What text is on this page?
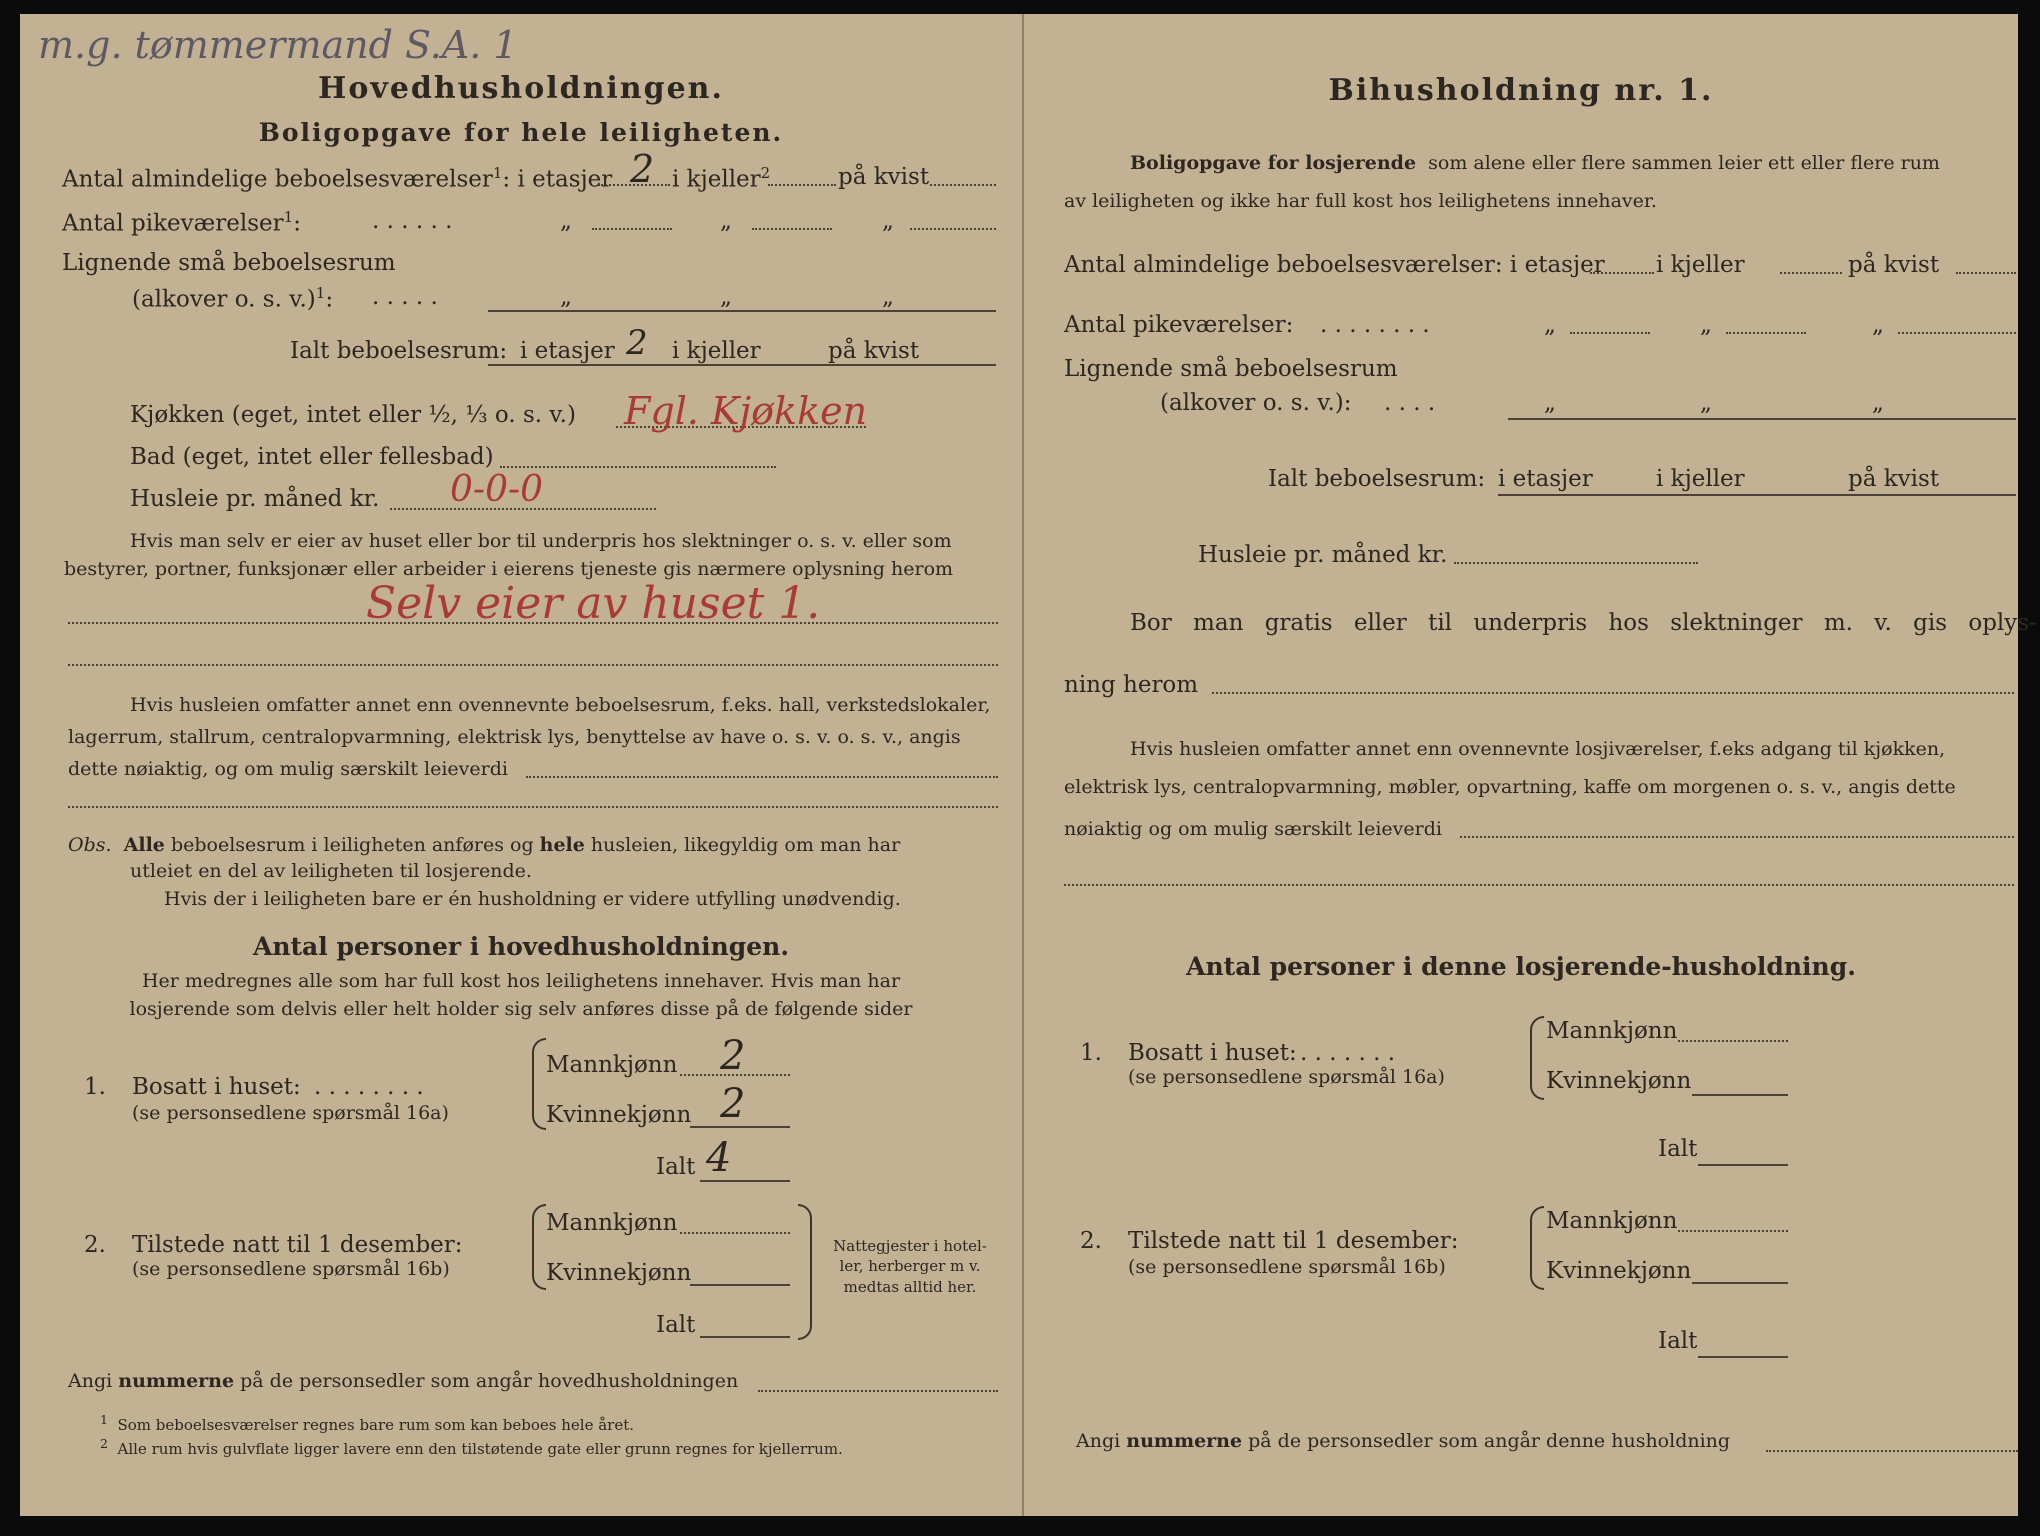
m.g. tømmermand S.A. 1
Hovedhusholdningen.
Boligopgave for hele leiligheten.
Antal almindelige beboelsesværelser$^1$: i etasjer 2 i kjeller$^2$	på kvist
Antal pikeværelser$^1$:	. . . . . .	„	„	„
Lignende små beboelsesrum
(alkover o. s. v.)$^1$: . . . . .	„	„	„
Ialt beboelsesrum: i etasjer 2 i kjeller	på kvist
Kjøkken (eget, intet eller ½, ⅓ o. s. v.) Fgl. Kjøkken
Bad (eget, intet eller fellesbad)
Husleie pr. måned kr. 0-0-0
Hvis man selv er eier av huset eller bor til underpris hos slektninger o. s. v. eller som
bestyrer, portner, funksjonær eller arbeider i eierens tjeneste gis nærmere oplysning herom
Selv eier av huset 1.
Hvis husleien omfatter annet enn ovennevnte beboelsesrum, f.eks. hall, verkstedslokaler,
lagerrum, stallrum, centralopvarmning, elektrisk lys, benyttelse av have o. s. v. o. s. v., angis
dette nøiaktig, og om mulig særskilt leieverdi
Obs. Alle beboelsesrum i leiligheten anføres og hele husleien, likegyldig om man har
utleiet en del av leiligheten til losjerende.
Hvis der i leiligheten bare er én husholdning er videre utfylling unødvendig.
Antal personer i hovedhusholdningen.
Her medregnes alle som har full kost hos leilighetens innehaver. Hvis man har
losjerende som delvis eller helt holder sig selv anføres disse på de følgende sider
1. Bosatt i huset: . . . . . . . .
(se personsedlene spørsmål 16a)
Mannkjønn 2
Kvinnekjønn 2
Ialt 4
2. Tilstede natt til 1 desember:
(se personsedlene spørsmål 16b)
Mannkjønn
Kvinnekjønn
Ialt
Nattegjester i hotel-
ler, herberger m v.
medtas alltid her.
Angi nummerne på de personsedler som angår hovedhusholdningen
$^1$ Som beboelsesværelser regnes bare rum som kan beboes hele året.
$^2$ Alle rum hvis gulvflate ligger lavere enn den tilstøtende gate eller grunn regnes for kjellerrum.
Bihusholdning nr. 1.
Boligopgave for losjerende som alene eller flere sammen leier ett eller flere rum
av leiligheten og ikke har full kost hos leilighetens innehaver.
Antal almindelige beboelsesværelser: i etasjer i kjeller	på kvist
Antal pikeværelser: . . . . . . . .	„	„	„
Lignende små beboelsesrum
(alkover o. s. v.): . . . .	„	„	„
Ialt beboelsesrum: i etasjer	i kjeller	på kvist
Husleie pr. måned kr.
Bor man gratis eller til underpris hos slektninger m. v. gis oplys-
ning herom
Hvis husleien omfatter annet enn ovennevnte losjiværelser, f.eks adgang til kjøkken,
elektrisk lys, centralopvarmning, møbler, opvartning, kaffe om morgenen o. s. v., angis dette
nøiaktig og om mulig særskilt leieverdi
Antal personer i denne losjerende-husholdning.
1. Bosatt i huset: . . . . . . .
(se personsedlene spørsmål 16a)
Mannkjønn
Kvinnekjønn
Ialt
2. Tilstede natt til 1 desember:
(se personsedlene spørsmål 16b)
Mannkjønn
Kvinnekjønn
Ialt
Angi nummerne på de personsedler som angår denne husholdning
